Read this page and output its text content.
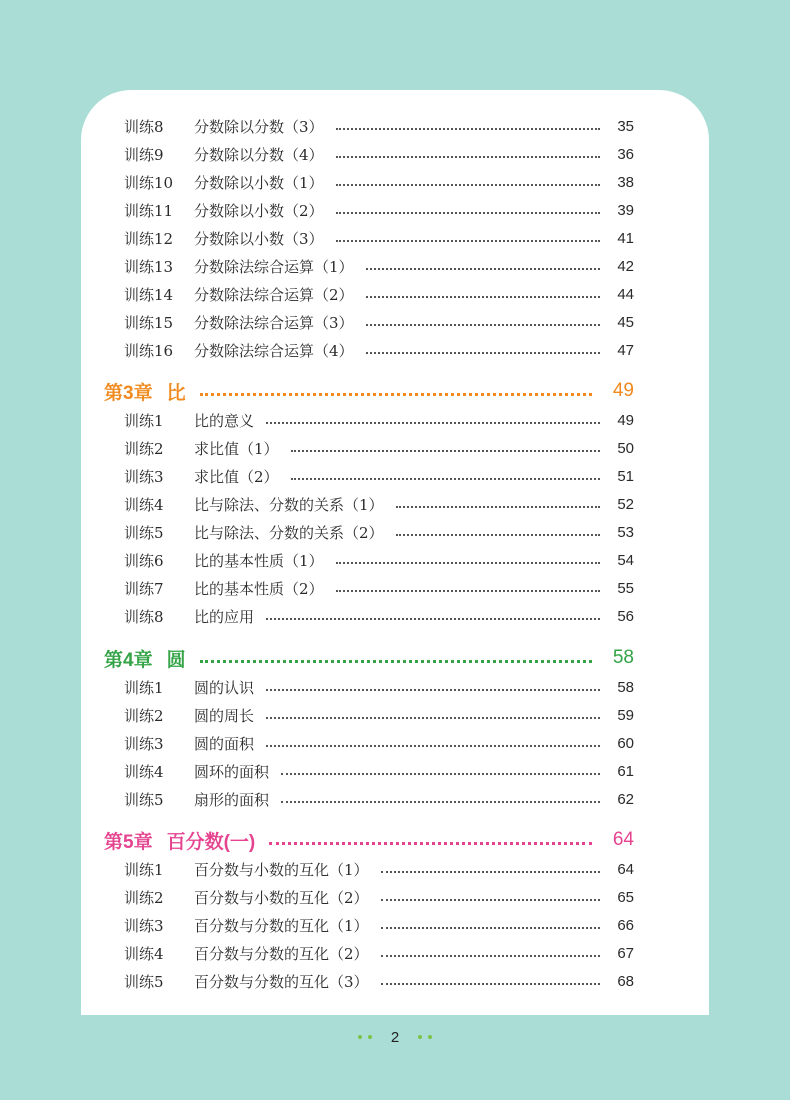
训练8	分数除以分数（3）	35
训练9	分数除以分数（4）	36
训练10	分数除以小数（1）	38
训练11	分数除以小数（2）	39
训练12	分数除以小数（3）	41
训练13	分数除法综合运算（1）	42
训练14	分数除法综合运算（2）	44
训练15	分数除法综合运算（3）	45
训练16	分数除法综合运算（4）	47
第3章 比	49
训练1	比的意义	49
训练2	求比值（1）	50
训练3	求比值（2）	51
训练4	比与除法、分数的关系（1）	52
训练5	比与除法、分数的关系（2）	53
训练6	比的基本性质（1）	54
训练7	比的基本性质（2）	55
训练8	比的应用	56
第4章 圆	58
训练1	圆的认识	58
训练2	圆的周长	59
训练3	圆的面积	60
训练4	圆环的面积	61
训练5	扇形的面积	62
第5章 百分数(一)	64
训练1	百分数与小数的互化（1）	64
训练2	百分数与小数的互化（2）	65
训练3	百分数与分数的互化（1）	66
训练4	百分数与分数的互化（2）	67
训练5	百分数与分数的互化（3）	68
2
